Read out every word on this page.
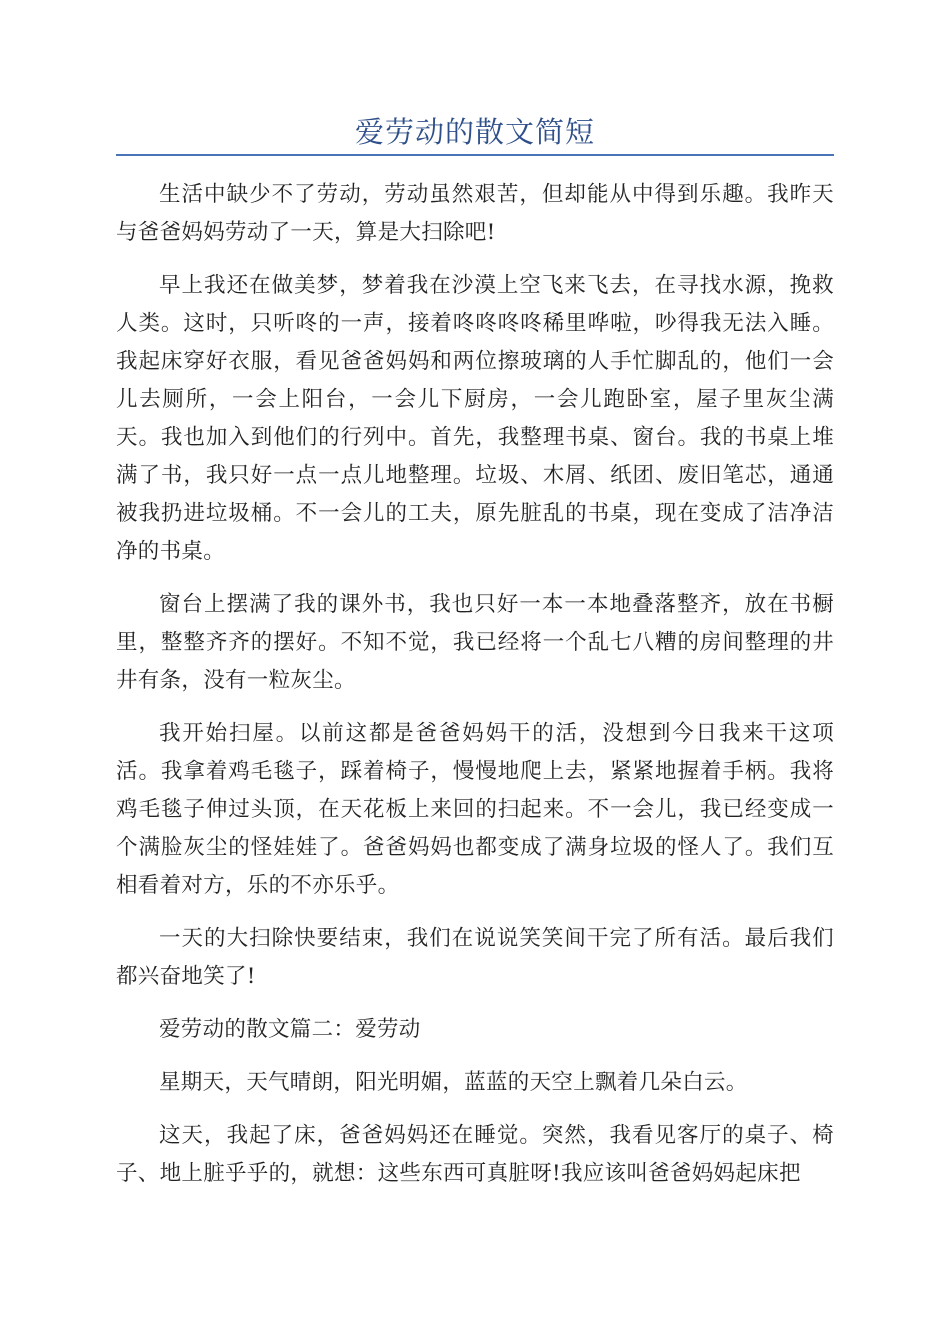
爱劳动的散文简短

生活中缺少不了劳动，劳动虽然艰苦，但却能从中得到乐趣。我昨天与爸爸妈妈劳动了一天，算是大扫除吧!

早上我还在做美梦，梦着我在沙漠上空飞来飞去，在寻找水源，挽救人类。这时，只听咚的一声，接着咚咚咚咚稀里哗啦，吵得我无法入睡。我起床穿好衣服，看见爸爸妈妈和两位擦玻璃的人手忙脚乱的，他们一会儿去厕所，一会上阳台，一会儿下厨房，一会儿跑卧室，屋子里灰尘满天。我也加入到他们的行列中。首先，我整理书桌、窗台。我的书桌上堆满了书，我只好一点一点儿地整理。垃圾、木屑、纸团、废旧笔芯，通通被我扔进垃圾桶。不一会儿的工夫，原先脏乱的书桌，现在变成了洁净洁净的书桌。

窗台上摆满了我的课外书，我也只好一本一本地叠落整齐，放在书橱里，整整齐齐的摆好。不知不觉，我已经将一个乱七八糟的房间整理的井井有条，没有一粒灰尘。

我开始扫屋。以前这都是爸爸妈妈干的活，没想到今日我来干这项活。我拿着鸡毛毯子，踩着椅子，慢慢地爬上去，紧紧地握着手柄。我将鸡毛毯子伸过头顶，在天花板上来回的扫起来。不一会儿，我已经变成一个满脸灰尘的怪娃娃了。爸爸妈妈也都变成了满身垃圾的怪人了。我们互相看着对方，乐的不亦乐乎。

一天的大扫除快要结束，我们在说说笑笑间干完了所有活。最后我们都兴奋地笑了!

爱劳动的散文篇二：爱劳动

星期天，天气晴朗，阳光明媚，蓝蓝的天空上飘着几朵白云。

这天，我起了床，爸爸妈妈还在睡觉。突然，我看见客厅的桌子、椅子、地上脏乎乎的，就想：这些东西可真脏呀!我应该叫爸爸妈妈起床把
